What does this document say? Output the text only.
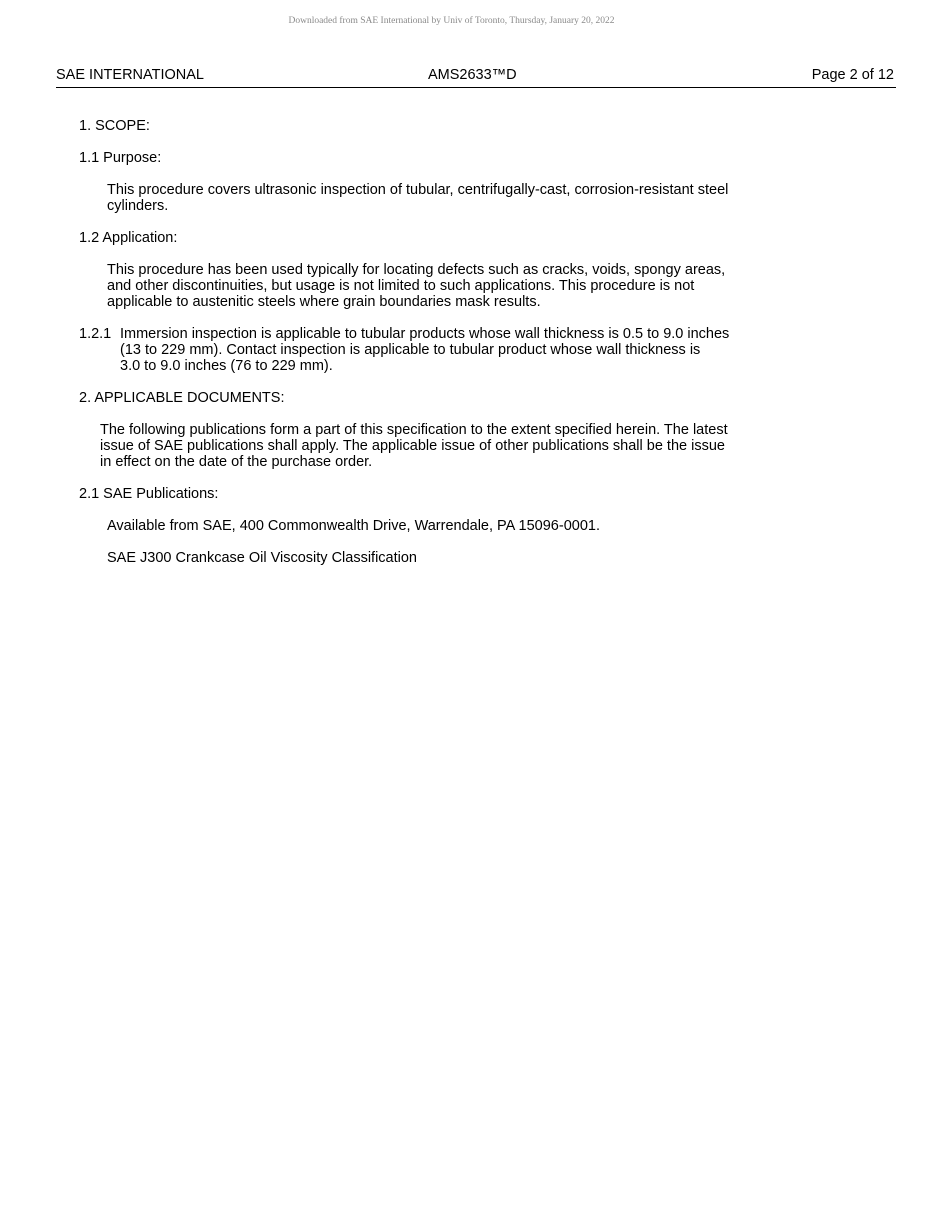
Downloaded from SAE International by Univ of Toronto, Thursday, January 20, 2022
SAE INTERNATIONAL	AMS2633™D	Page 2 of 12
1. SCOPE:
1.1 Purpose:
This procedure covers ultrasonic inspection of tubular, centrifugally-cast, corrosion-resistant steel
cylinders.
1.2 Application:
This procedure has been used typically for locating defects such as cracks, voids, spongy areas,
and other discontinuities, but usage is not limited to such applications. This procedure is not
applicable to austenitic steels where grain boundaries mask results.
1.2.1 Immersion inspection is applicable to tubular products whose wall thickness is 0.5 to 9.0 inches
(13 to 229 mm). Contact inspection is applicable to tubular product whose wall thickness is
3.0 to 9.0 inches (76 to 229 mm).
2. APPLICABLE DOCUMENTS:
The following publications form a part of this specification to the extent specified herein. The latest
issue of SAE publications shall apply. The applicable issue of other publications shall be the issue
in effect on the date of the purchase order.
2.1 SAE Publications:
Available from SAE, 400 Commonwealth Drive, Warrendale, PA 15096-0001.
SAE J300 Crankcase Oil Viscosity Classification
